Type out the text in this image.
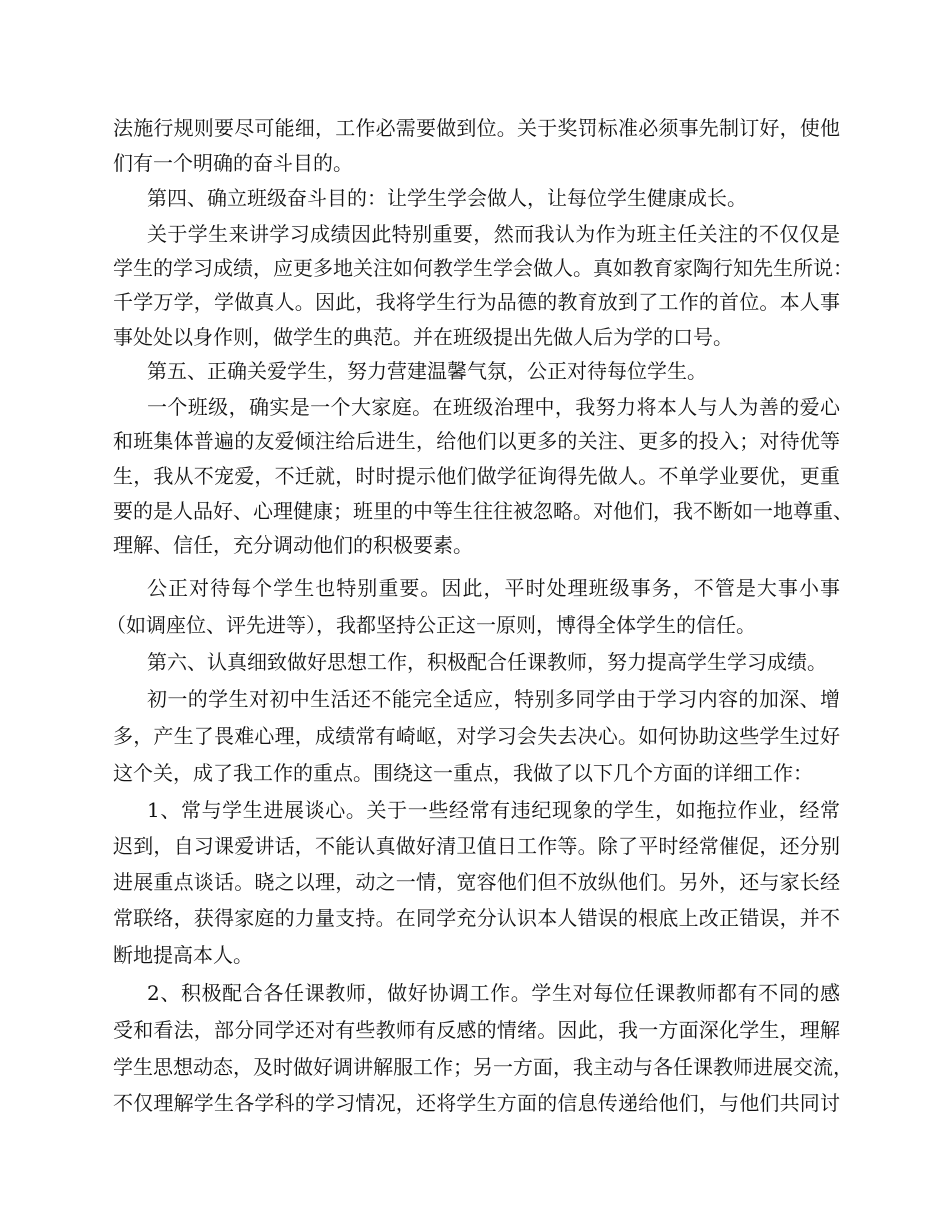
法施行规则要尽可能细，工作必需要做到位。关于奖罚标准必须事先制订好，使他
们有一个明确的奋斗目的。
第四、确立班级奋斗目的：让学生学会做人，让每位学生健康成长。
关于学生来讲学习成绩因此特别重要，然而我认为作为班主任关注的不仅仅是
学生的学习成绩，应更多地关注如何教学生学会做人。真如教育家陶行知先生所说：
千学万学，学做真人。因此，我将学生行为品德的教育放到了工作的首位。本人事
事处处以身作则，做学生的典范。并在班级提出先做人后为学的口号。
第五、正确关爱学生，努力营建温馨气氛，公正对待每位学生。
一个班级，确实是一个大家庭。在班级治理中，我努力将本人与人为善的爱心
和班集体普遍的友爱倾注给后进生，给他们以更多的关注、更多的投入；对待优等
生，我从不宠爱，不迁就，时时提示他们做学征询得先做人。不单学业要优，更重
要的是人品好、心理健康；班里的中等生往往被忽略。对他们，我不断如一地尊重、
理解、信任，充分调动他们的积极要素。
公正对待每个学生也特别重要。因此，平时处理班级事务，不管是大事小事
（如调座位、评先进等），我都坚持公正这一原则，博得全体学生的信任。
第六、认真细致做好思想工作，积极配合任课教师，努力提高学生学习成绩。
初一的学生对初中生活还不能完全适应，特别多同学由于学习内容的加深、增
多，产生了畏难心理，成绩常有崎岖，对学习会失去决心。如何协助这些学生过好
这个关，成了我工作的重点。围绕这一重点，我做了以下几个方面的详细工作：
1、常与学生进展谈心。关于一些经常有违纪现象的学生，如拖拉作业，经常
迟到，自习课爱讲话，不能认真做好清卫值日工作等。除了平时经常催促，还分别
进展重点谈话。晓之以理，动之一情，宽容他们但不放纵他们。另外，还与家长经
常联络，获得家庭的力量支持。在同学充分认识本人错误的根底上改正错误，并不
断地提高本人。
2、积极配合各任课教师，做好协调工作。学生对每位任课教师都有不同的感
受和看法，部分同学还对有些教师有反感的情绪。因此，我一方面深化学生，理解
学生思想动态，及时做好调讲解服工作；另一方面，我主动与各任课教师进展交流，
不仅理解学生各学科的学习情况，还将学生方面的信息传递给他们，与他们共同讨
